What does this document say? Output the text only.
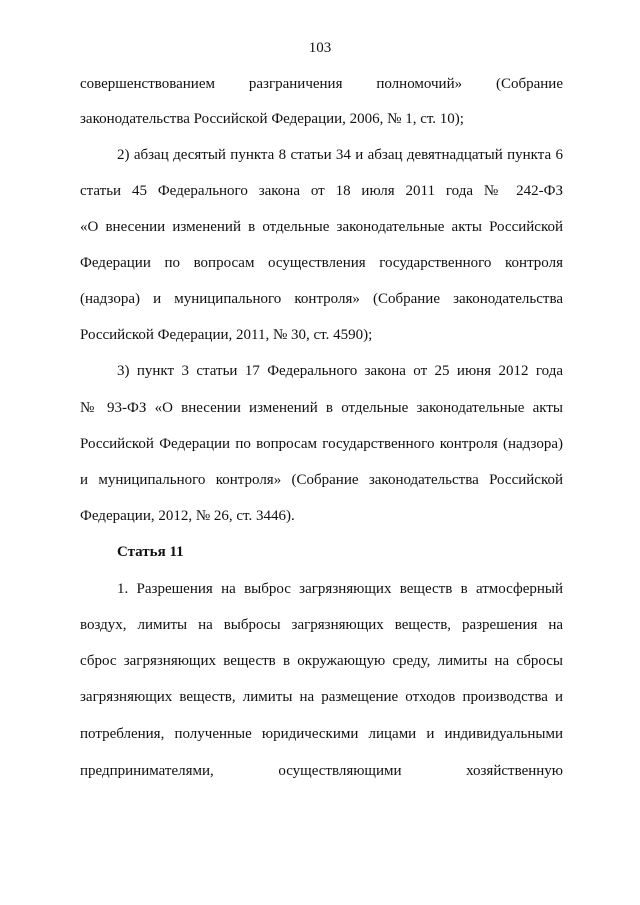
103
совершенствованием разграничения полномочий» (Собрание
законодательства Российской Федерации, 2006, № 1, ст. 10);
2) абзац десятый пункта 8 статьи 34 и абзац девятнадцатый пункта 6
статьи 45 Федерального закона от 18 июля 2011 года № 242-ФЗ
«О внесении изменений в отдельные законодательные акты Российской
Федерации по вопросам осуществления государственного контроля
(надзора) и муниципального контроля» (Собрание законодательства
Российской Федерации, 2011, № 30, ст. 4590);
3) пункт 3 статьи 17 Федерального закона от 25 июня 2012 года
№ 93-ФЗ «О внесении изменений в отдельные законодательные акты
Российской Федерации по вопросам государственного контроля (надзора)
и муниципального контроля» (Собрание законодательства Российской
Федерации, 2012, № 26, ст. 3446).
Статья 11
1. Разрешения на выброс загрязняющих веществ в атмосферный
воздух, лимиты на выбросы загрязняющих веществ, разрешения на
сброс загрязняющих веществ в окружающую среду, лимиты на сбросы
загрязняющих веществ, лимиты на размещение отходов производства и
потребления, полученные юридическими лицами и индивидуальными
предпринимателями, осуществляющими хозяйственную
